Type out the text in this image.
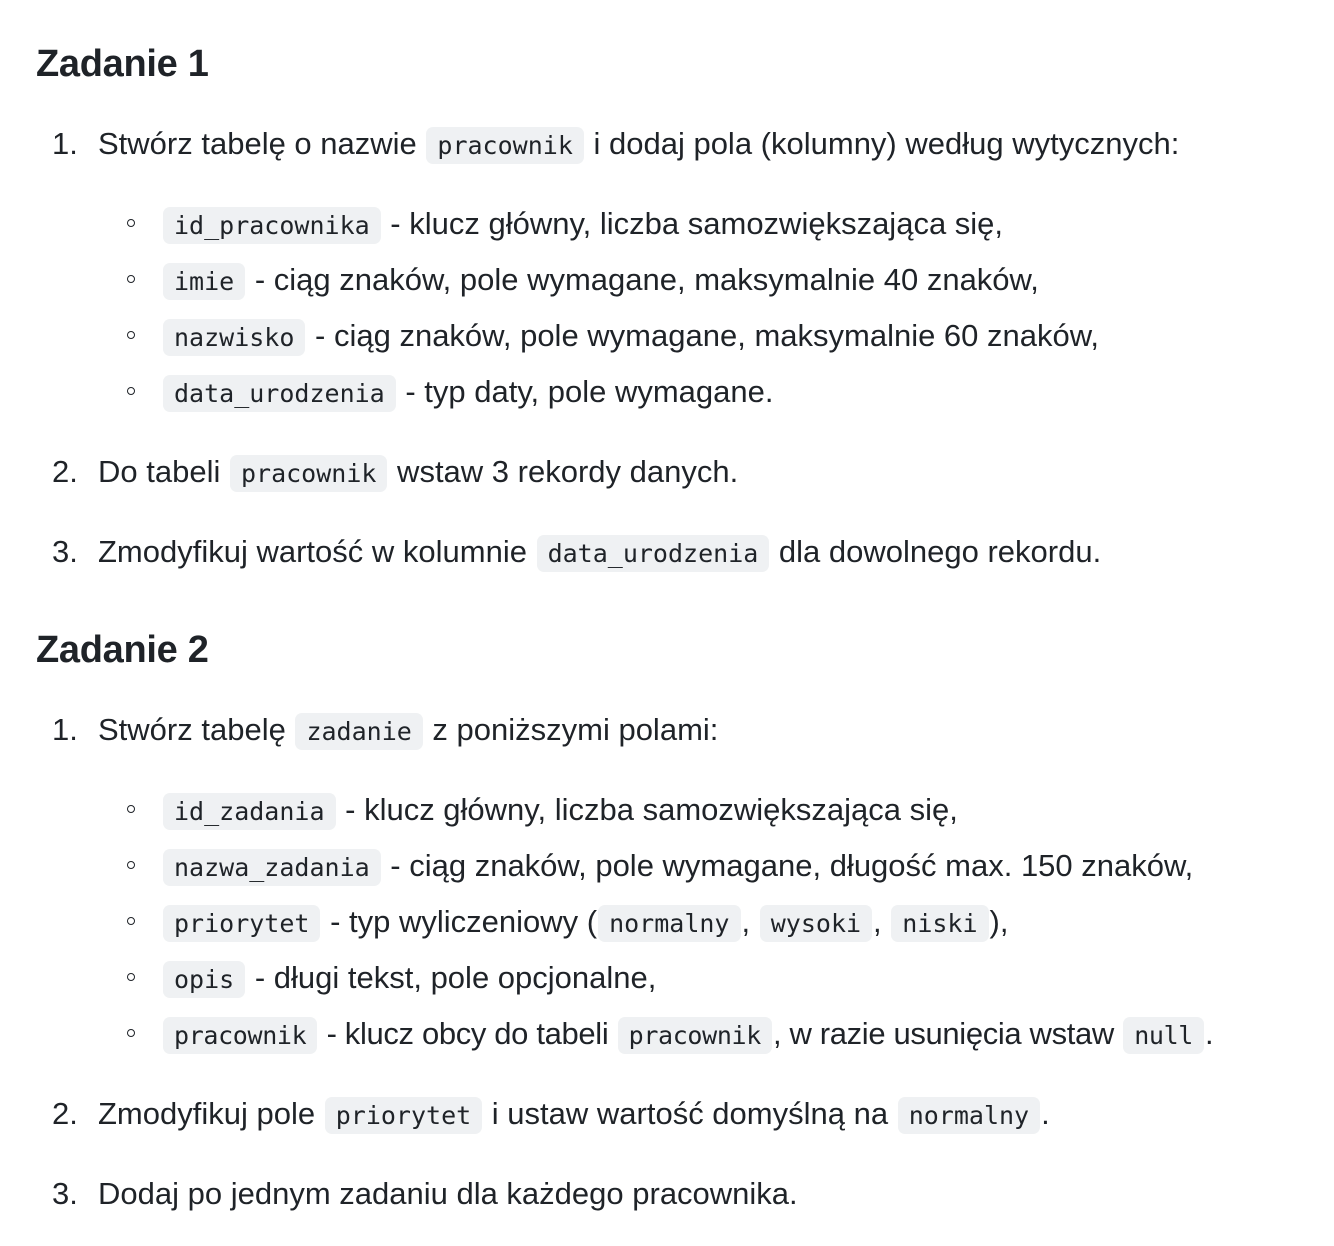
Zadanie 1
1. Stwórz tabelę o nazwie pracownik i dodaj pola (kolumny) według wytycznych:
id_pracownika - klucz główny, liczba samozwiększająca się,
imie - ciąg znaków, pole wymagane, maksymalnie 40 znaków,
nazwisko - ciąg znaków, pole wymagane, maksymalnie 60 znaków,
data_urodzenia - typ daty, pole wymagane.
2. Do tabeli pracownik wstaw 3 rekordy danych.
3. Zmodyfikuj wartość w kolumnie data_urodzenia dla dowolnego rekordu.
Zadanie 2
1. Stwórz tabelę zadanie z poniższymi polami:
id_zadania - klucz główny, liczba samozwiększająca się,
nazwa_zadania - ciąg znaków, pole wymagane, długość max. 150 znaków,
priorytet - typ wyliczeniowy ( normalny , wysoki , niski ),
opis - długi tekst, pole opcjonalne,
pracownik - klucz obcy do tabeli pracownik , w razie usunięcia wstaw null .
2. Zmodyfikuj pole priorytet i ustaw wartość domyślną na normalny .
3. Dodaj po jednym zadaniu dla każdego pracownika.
